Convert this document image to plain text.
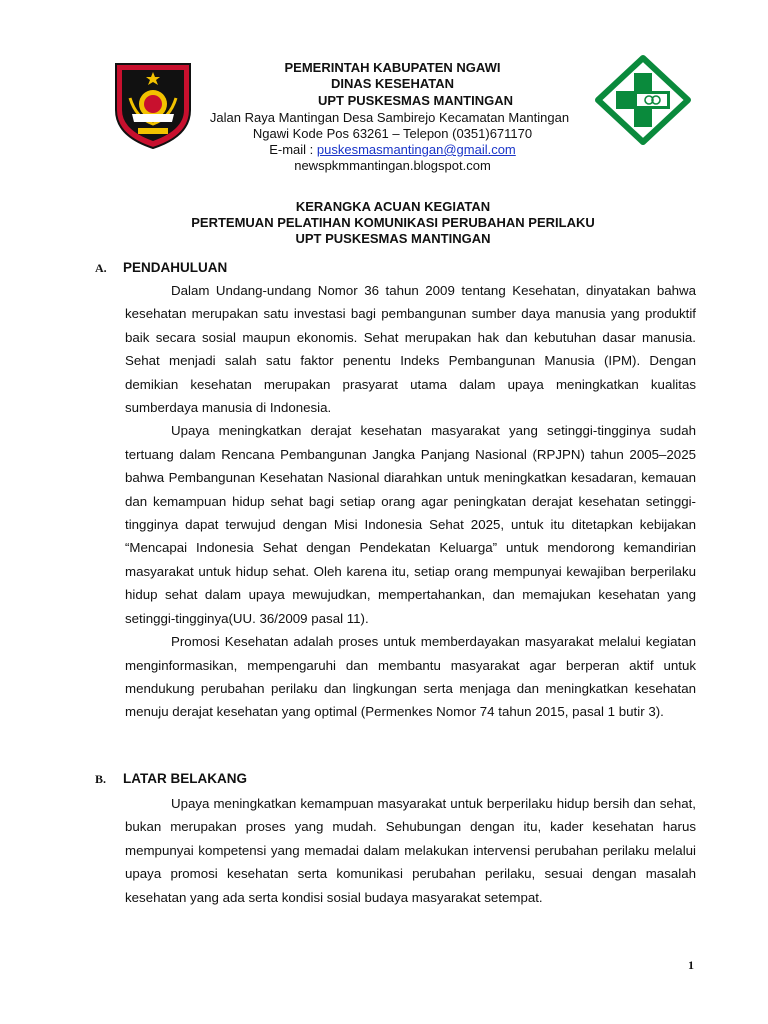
PEMERINTAH KABUPATEN NGAWI
DINAS KESEHATAN
UPT PUSKESMAS MANTINGAN
Jalan Raya Mantingan Desa Sambirejo Kecamatan Mantingan
Ngawi Kode Pos 63261 – Telepon (0351)671170
E-mail : puskesmasmantingan@gmail.com
newspkmmantingan.blogspot.com
KERANGKA ACUAN KEGIATAN
PERTEMUAN PELATIHAN KOMUNIKASI PERUBAHAN PERILAKU
UPT PUSKESMAS MANTINGAN
A. PENDAHULUAN

Dalam Undang-undang Nomor 36 tahun 2009 tentang Kesehatan, dinyatakan bahwa kesehatan merupakan satu investasi bagi pembangunan sumber daya manusia yang produktif baik secara sosial maupun ekonomis. Sehat merupakan hak dan kebutuhan dasar manusia. Sehat menjadi salah satu faktor penentu Indeks Pembangunan Manusia (IPM). Dengan demikian kesehatan merupakan prasyarat utama dalam upaya meningkatkan kualitas sumberdaya manusia di Indonesia.

Upaya meningkatkan derajat kesehatan masyarakat yang setinggi-tingginya sudah tertuang dalam Rencana Pembangunan Jangka Panjang Nasional (RPJPN) tahun 2005–2025 bahwa Pembangunan Kesehatan Nasional diarahkan untuk meningkatkan kesadaran, kemauan dan kemampuan hidup sehat bagi setiap orang agar peningkatan derajat kesehatan setinggi-tingginya dapat terwujud dengan Misi Indonesia Sehat 2025, untuk itu ditetapkan kebijakan “Mencapai Indonesia Sehat dengan Pendekatan Keluarga” untuk mendorong kemandirian masyarakat untuk hidup sehat. Oleh karena itu, setiap orang mempunyai kewajiban berperilaku hidup sehat dalam upaya mewujudkan, mempertahankan, dan memajukan kesehatan yang setinggi-tingginya(UU. 36/2009 pasal 11).

Promosi Kesehatan adalah proses untuk memberdayakan masyarakat melalui kegiatan menginformasikan, mempengaruhi dan membantu masyarakat agar berperan aktif untuk mendukung perubahan perilaku dan lingkungan serta menjaga dan meningkatkan kesehatan menuju derajat kesehatan yang optimal (Permenkes Nomor 74 tahun 2015, pasal 1 butir 3).

B. LATAR BELAKANG

Upaya meningkatkan kemampuan masyarakat untuk berperilaku hidup bersih dan sehat, bukan merupakan proses yang mudah. Sehubungan dengan itu, kader kesehatan harus mempunyai kompetensi yang memadai dalam melakukan intervensi perubahan perilaku melalui upaya promosi kesehatan serta komunikasi perubahan perilaku, sesuai dengan masalah kesehatan yang ada serta kondisi sosial budaya masyarakat setempat.

1
